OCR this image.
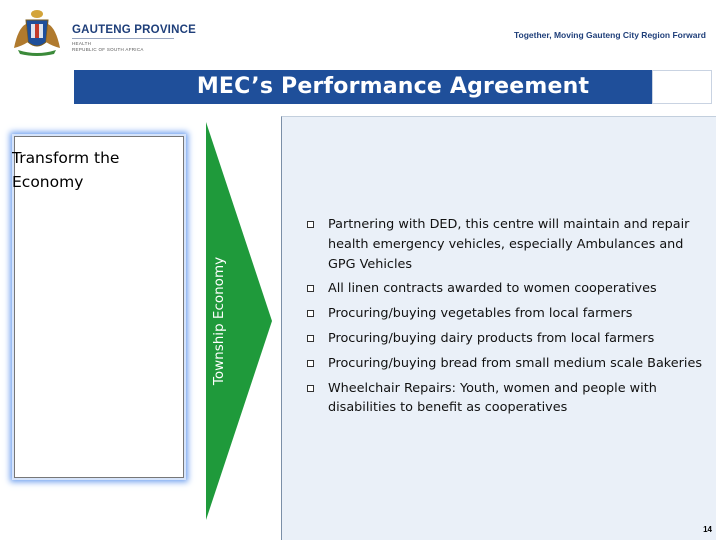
GAUTENG PROVINCE
HEALTH
REPUBLIC OF SOUTH AFRICA
Together, Moving Gauteng City Region Forward
MEC’s Performance Agreement
Transform the
Economy
Township Economy
Partnering with DED, this centre will maintain and repair health emergency vehicles, especially Ambulances and GPG Vehicles
All linen contracts awarded to women cooperatives
Procuring/buying vegetables from local farmers
Procuring/buying dairy products from local farmers
Procuring/buying bread from small medium scale Bakeries
Wheelchair Repairs: Youth, women and people with disabilities to benefit as cooperatives
14
